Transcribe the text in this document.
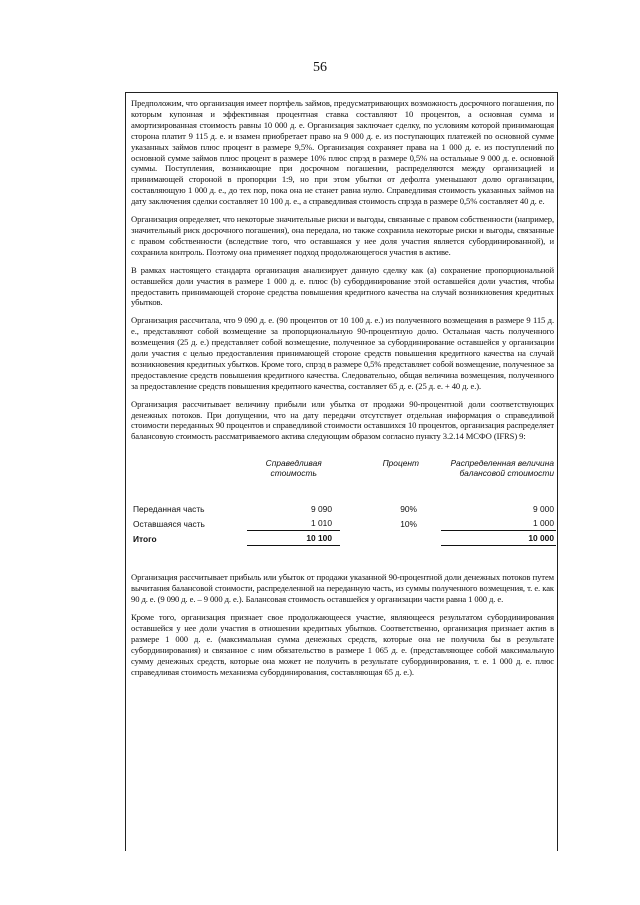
56

Предположим, что организация имеет портфель займов, предусматривающих возможность досрочного погашения, по которым купонная и эффективная процентная ставка составляют 10 процентов, а основная сумма и амортизированная стоимость равны 10 000 д. е. Организация заключает сделку, по условиям которой принимающая сторона платит 9 115 д. е. и взамен приобретает право на 9 000 д. е. из поступающих платежей по основной сумме указанных займов плюс процент в размере 9,5%. Организация сохраняет права на 1 000 д. е. из поступлений по основной сумме займов плюс процент в размере 10% плюс спрэд в размере 0,5% на остальные 9 000 д. е. основной суммы. Поступления, возникающие при досрочном погашении, распределяются между организацией и принимающей стороной в пропорции 1:9, но при этом убытки от дефолта уменьшают долю организации, составляющую 1 000 д. е., до тех пор, пока она не станет равна нулю. Справедливая стоимость указанных займов на дату заключения сделки составляет 10 100 д. е., а справедливая стоимость спрэда в размере 0,5% составляет 40 д. е.

Организация определяет, что некоторые значительные риски и выгоды, связанные с правом собственности (например, значительный риск досрочного погашения), она передала, но также сохранила некоторые риски и выгоды, связанные с правом собственности (вследствие того, что оставшаяся у нее доля участия является субординированной), и сохранила контроль. Поэтому она применяет подход продолжающегося участия в активе.

В рамках настоящего стандарта организация анализирует данную сделку как (а) сохранение пропорциональной оставшейся доли участия в размере 1 000 д. е. плюс (b) субординирование этой оставшейся доли участия, чтобы предоставить принимающей стороне средства повышения кредитного качества на случай возникновения кредитных убытков.

Организация рассчитала, что 9 090 д. е. (90 процентов от 10 100 д. е.) из полученного возмещения в размере 9 115 д. е., представляют собой возмещение за пропорциональную 90-процентную долю. Остальная часть полученного возмещения (25 д. е.) представляет собой возмещение, полученное за субординирование оставшейся у организации доли участия с целью предоставления принимающей стороне средств повышения кредитного качества на случай возникновения кредитных убытков. Кроме того, спрэд в размере 0,5% представляет собой возмещение, полученное за предоставление средств повышения кредитного качества. Следовательно, общая величина возмещения, полученного за предоставление средств повышения кредитного качества, составляет 65 д. е. (25 д. е. + 40 д. е.).

Организация рассчитывает величину прибыли или убытка от продажи 90-процентной доли соответствующих денежных потоков. При допущении, что на дату передачи отсутствует отдельная информация о справедливой стоимости переданных 90 процентов и справедливой стоимости оставшихся 10 процентов, организация распределяет балансовую стоимость рассматриваемого актива следующим образом согласно пункту 3.2.14 МСФО (IFRS) 9:

	Справедливая стоимость	Процент	Распределенная величина балансовой стоимости
Переданная часть	9 090	90%	9 000
Оставшаяся часть	1 010	10%	1 000
Итого	10 100		10 000

Организация рассчитывает прибыль или убыток от продажи указанной 90-процентной доли денежных потоков путем вычитания балансовой стоимости, распределенной на переданную часть, из суммы полученного возмещения, т. е. как 90 д. е. (9 090 д. е. – 9 000 д. е.). Балансовая стоимость оставшейся у организации части равна 1 000 д. е.

Кроме того, организация признает свое продолжающееся участие, являющееся результатом субординирования оставшейся у нее доли участия в отношении кредитных убытков. Соответственно, организация признает актив в размере 1 000 д. е. (максимальная сумма денежных средств, которые она не получила бы в результате субординирования) и связанное с ним обязательство в размере 1 065 д. е. (представляющее собой максимальную сумму денежных средств, которые она может не получить в результате субординирования, т. е. 1 000 д. е. плюс справедливая стоимость механизма субординирования, составляющая 65 д. е.).
